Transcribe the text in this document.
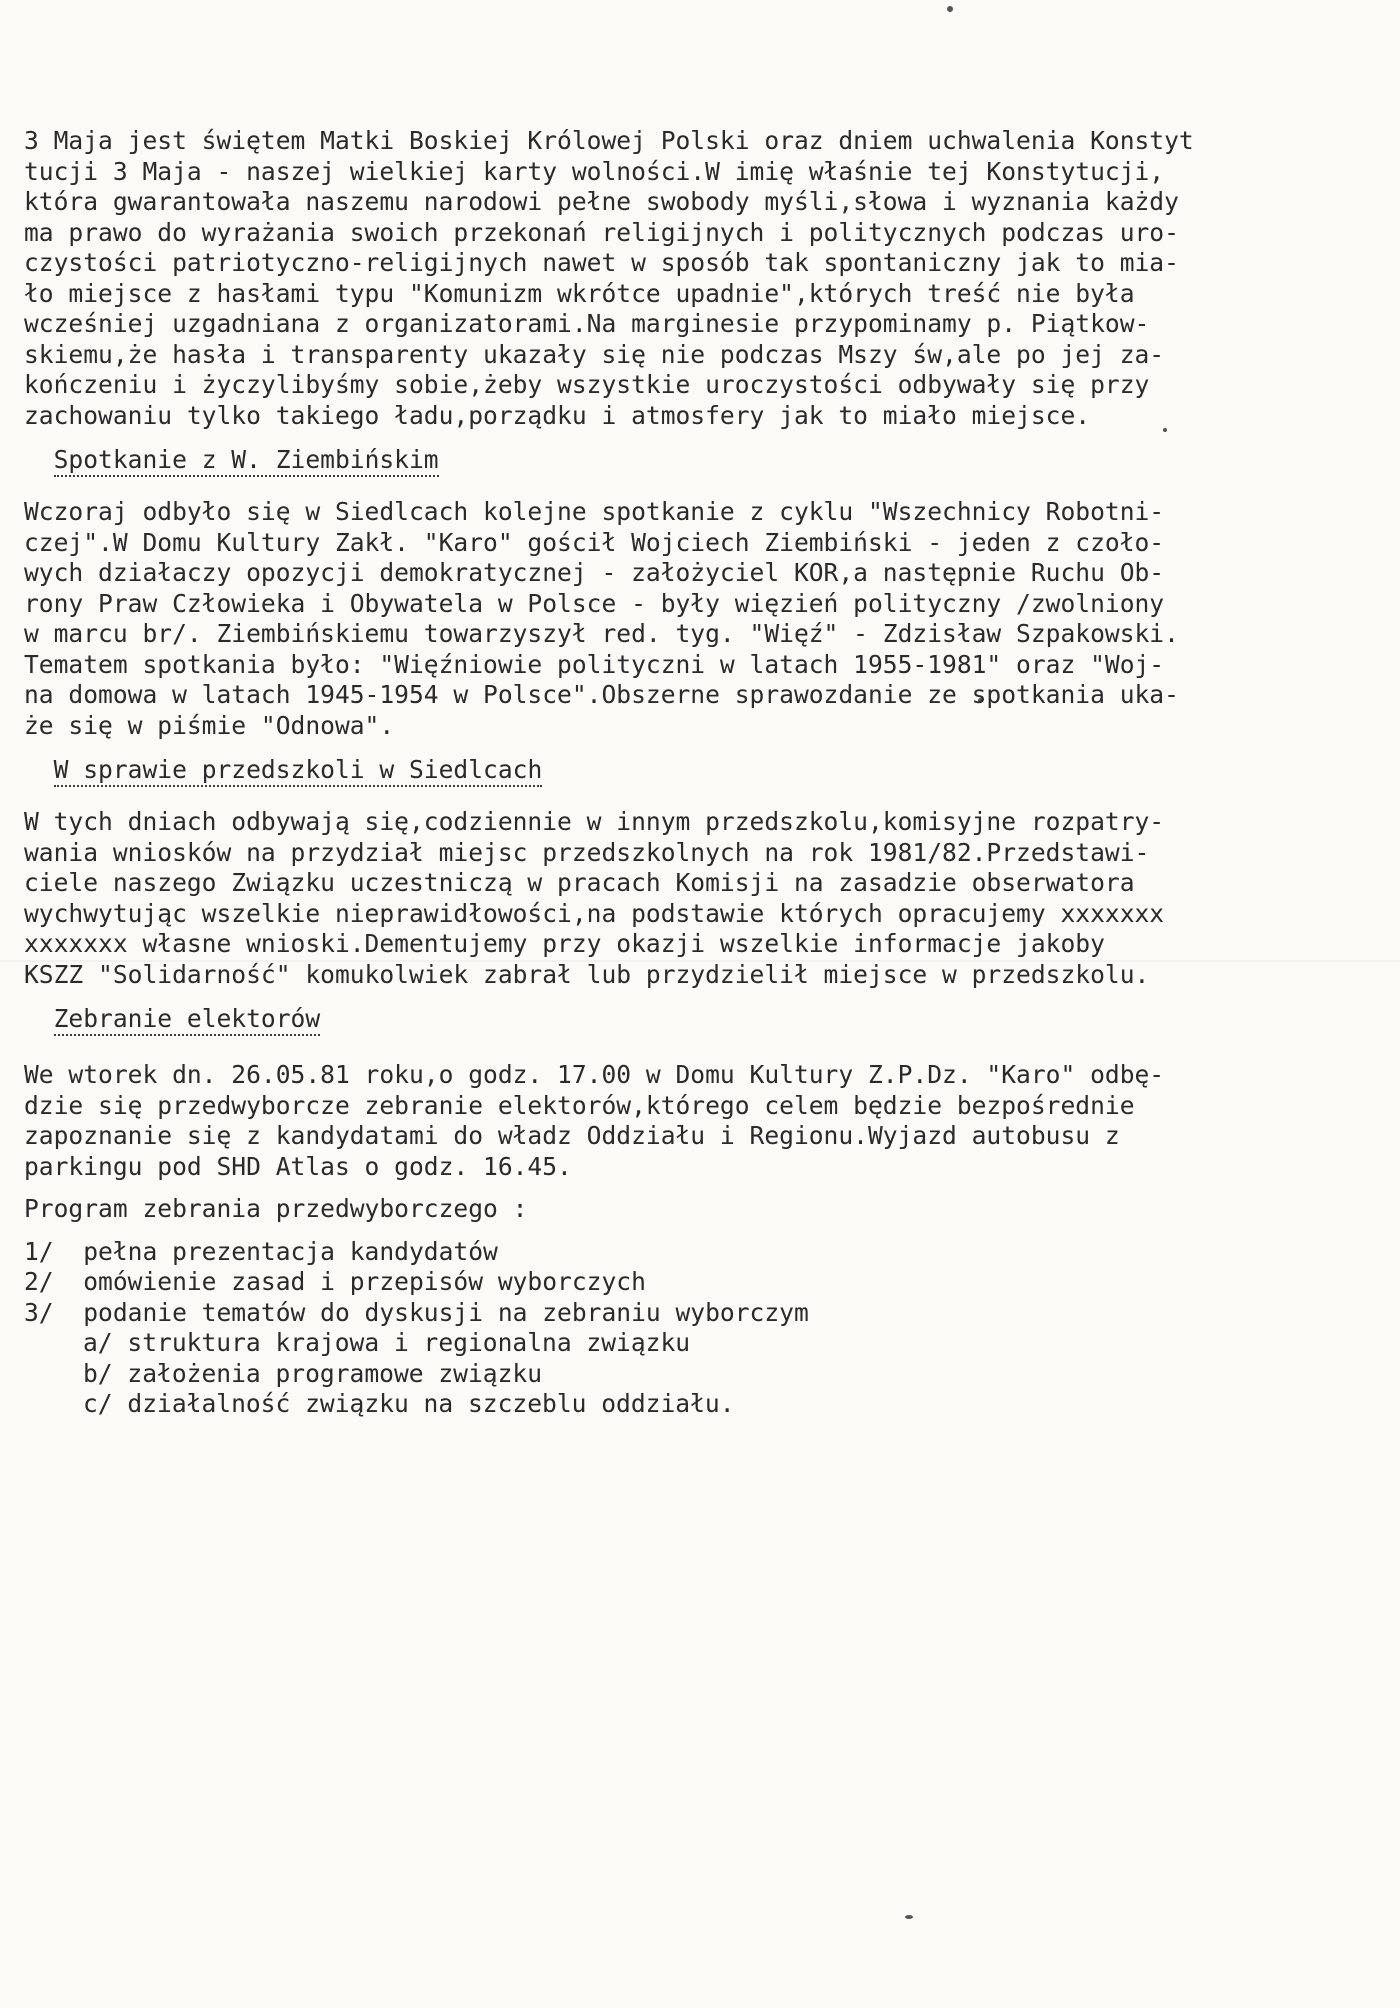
3 Maja jest świętem Matki Boskiej Królowej Polski oraz dniem uchwalenia Konstyt
tucji 3 Maja - naszej wielkiej karty wolności.W imię właśnie tej Konstytucji,
która gwarantowała naszemu narodowi pełne swobody myśli,słowa i wyznania każdy
ma prawo do wyrażania swoich przekonań religijnych i politycznych podczas uro-
czystości patriotyczno-religijnych nawet w sposób tak spontaniczny jak to mia-
ło miejsce z hasłami typu "Komunizm wkrótce upadnie",których treść nie była
wcześniej uzgadniana z organizatorami.Na marginesie przypominamy p. Piątkow-
skiemu,że hasła i transparenty ukazały się nie podczas Mszy św,ale po jej za-
kończeniu i życzylibyśmy sobie,żeby wszystkie uroczystości odbywały się przy
zachowaniu tylko takiego ładu,porządku i atmosfery jak to miało miejsce.
Spotkanie z W. Ziembińskim
Wczoraj odbyło się w Siedlcach kolejne spotkanie z cyklu "Wszechnicy Robotni-
czej".W Domu Kultury Zakł. "Karo" gościł Wojciech Ziembiński - jeden z czoło-
wych działaczy opozycji demokratycznej - założyciel KOR,a następnie Ruchu Ob-
rony Praw Człowieka i Obywatela w Polsce - były więzień polityczny /zwolniony
w marcu br/. Ziembińskiemu towarzyszył red. tyg. "Więź" - Zdzisław Szpakowski.
Tematem spotkania było: "Więźniowie polityczni w latach 1955-1981" oraz "Woj-
na domowa w latach 1945-1954 w Polsce".Obszerne sprawozdanie ze spotkania uka-
że się w piśmie "Odnowa".
W sprawie przedszkoli w Siedlcach
W tych dniach odbywają się,codziennie w innym przedszkolu,komisyjne rozpatry-
wania wniosków na przydział miejsc przedszkolnych na rok 1981/82.Przedstawi-
ciele naszego Związku uczestniczą w pracach Komisji na zasadzie obserwatora
wychwytując wszelkie nieprawidłowości,na podstawie których opracujemy xxxxxxx
xxxxxxx własne wnioski.Dementujemy przy okazji wszelkie informacje jakoby
KSZZ "Solidarność" komukolwiek zabrał lub przydzielił miejsce w przedszkolu.
Zebranie elektorów
We wtorek dn. 26.05.81 roku,o godz. 17.00 w Domu Kultury Z.P.Dz. "Karo" odbę-
dzie się przedwyborcze zebranie elektorów,którego celem będzie bezpośrednie
zapoznanie się z kandydatami do władz Oddziału i Regionu.Wyjazd autobusu z
parkingu pod SHD Atlas o godz. 16.45.
Program zebrania przedwyborczego :
1/  pełna prezentacja kandydatów
2/  omówienie zasad i przepisów wyborczych
3/  podanie tematów do dyskusji na zebraniu wyborczym
a/ struktura krajowa i regionalna związku
b/ założenia programowe związku
c/ działalność związku na szczeblu oddziału.
